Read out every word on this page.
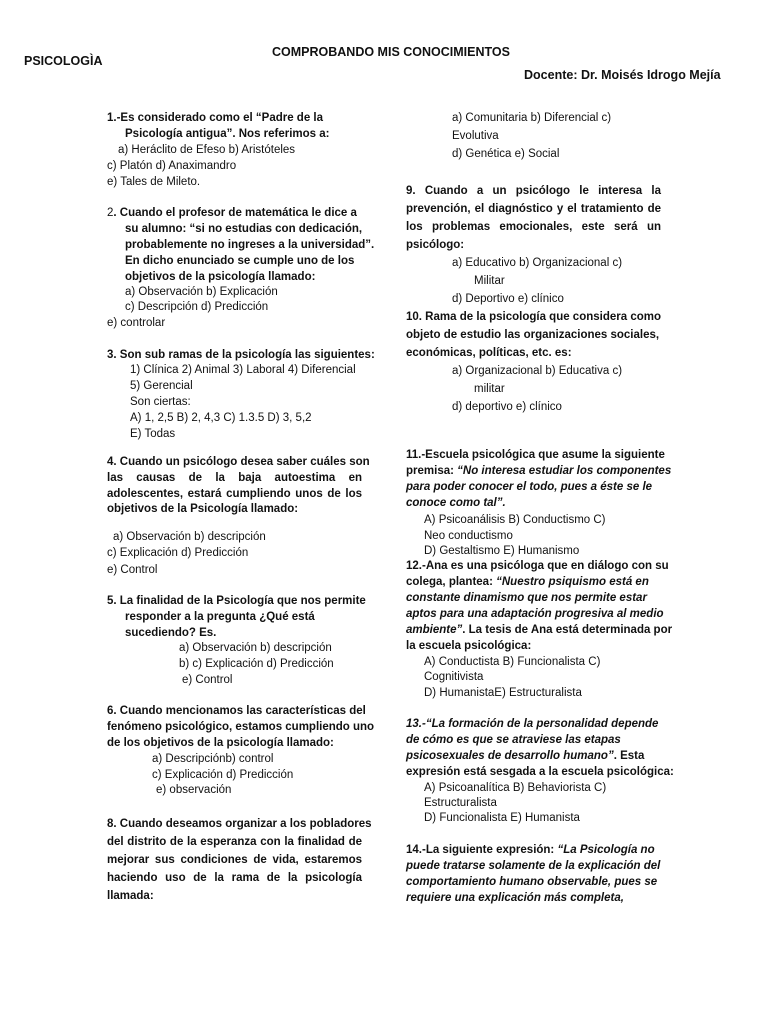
PSICOLOGÌA
COMPROBANDO MIS CONOCIMIENTOS
Docente: Dr. Moisés Idrogo Mejía
1.-Es considerado como el “Padre de la
Psicología antigua”. Nos referimos a:
a) Heráclito de Efeso b) Aristóteles
c) Platón d) Anaximandro
e) Tales de Mileto.
2. Cuando el profesor de matemática le dice a
su alumno: “si no estudias con dedicación,
probablemente no ingreses a la universidad”.
En dicho enunciado se cumple uno de los
objetivos de la psicología llamado:
a) Observación b) Explicación
c) Descripción d) Predicción
e) controlar
3. Son sub ramas de la psicología las siguientes:
1) Clínica 2) Animal 3) Laboral 4) Diferencial
5) Gerencial
Son ciertas:
A) 1, 2,5 B) 2, 4,3 C) 1.3.5 D) 3, 5,2
E) Todas
4. Cuando un psicólogo desea saber cuáles son
las causas de la baja autoestima en
adolescentes, estará cumpliendo unos de los
objetivos de la Psicología llamado:
a) Observación b) descripción
c) Explicación d) Predicción
e) Control
5. La finalidad de la Psicología que nos permite
responder a la pregunta ¿Qué está
sucediendo? Es.
a) Observación b) descripción
b) c) Explicación d) Predicción
e) Control
6. Cuando mencionamos las características del
fenómeno psicológico, estamos cumpliendo uno
de los objetivos de la psicología llamado:
a) Descripciónb) control
c) Explicación d) Predicción
e) observación
8. Cuando deseamos organizar a los pobladores
del distrito de la esperanza con la finalidad de
mejorar sus condiciones de vida, estaremos
haciendo uso de la rama de la psicología
llamada:
a) Comunitaria b) Diferencial c)
Evolutiva
d) Genética e) Social
9. Cuando a un psicólogo le interesa la
prevención, el diagnóstico y el tratamiento de
los problemas emocionales, este será un
psicólogo:
a) Educativo b) Organizacional c)
Militar
d) Deportivo e) clínico
10. Rama de la psicología que considera como
objeto de estudio las organizaciones sociales,
económicas, políticas, etc. es:
a) Organizacional b) Educativa c)
militar
d) deportivo e) clínico
11.-Escuela psicológica que asume la siguiente
premisa: “No interesa estudiar los componentes
para poder conocer el todo, pues a éste se le
conoce como tal”.
A) Psicoanálisis B) Conductismo C)
Neo conductismo
D) Gestaltismo E) Humanismo
12.-Ana es una psicóloga que en diálogo con su
colega, plantea: “Nuestro psiquismo está en
constante dinamismo que nos permite estar
aptos para una adaptación progresiva al medio
ambiente”. La tesis de Ana está determinada por
la escuela psicológica:
A) Conductista B) Funcionalista C)
Cognitivista
D) HumanistaE) Estructuralista
13.-“La formación de la personalidad depende
de cómo es que se atraviese las etapas
psicosexuales de desarrollo humano”. Esta
expresión está sesgada a la escuela psicológica:
A) Psicoanalítica B) Behaviorista C)
Estructuralista
D) Funcionalista E) Humanista
14.-La siguiente expresión: “La Psicología no
puede tratarse solamente de la explicación del
comportamiento humano observable, pues se
requiere una explicación más completa,
